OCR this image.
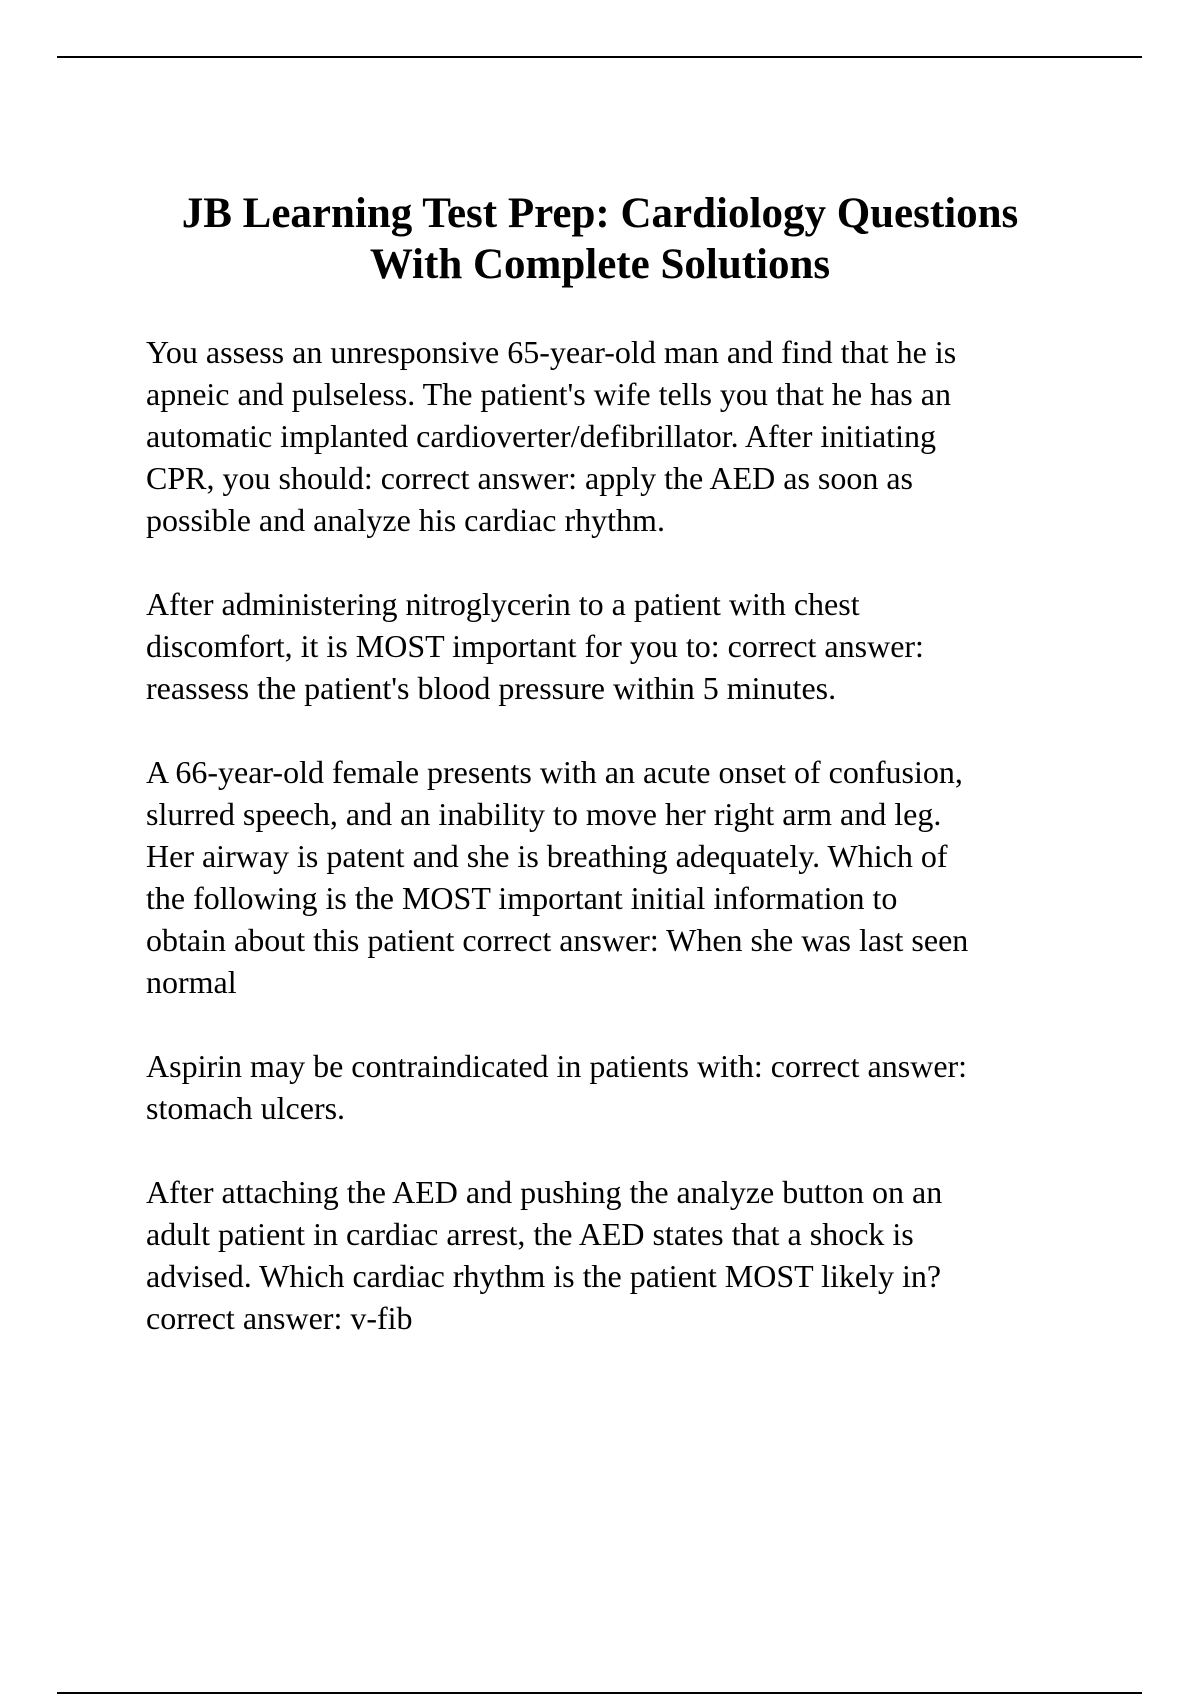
JB Learning Test Prep: Cardiology Questions
With Complete Solutions

You assess an unresponsive 65-year-old man and find that he is
apneic and pulseless. The patient's wife tells you that he has an
automatic implanted cardioverter/defibrillator. After initiating
CPR, you should: correct answer: apply the AED as soon as
possible and analyze his cardiac rhythm.

After administering nitroglycerin to a patient with chest
discomfort, it is MOST important for you to: correct answer:
reassess the patient's blood pressure within 5 minutes.

A 66-year-old female presents with an acute onset of confusion,
slurred speech, and an inability to move her right arm and leg.
Her airway is patent and she is breathing adequately. Which of
the following is the MOST important initial information to
obtain about this patient correct answer: When she was last seen
normal

Aspirin may be contraindicated in patients with: correct answer:
stomach ulcers.

After attaching the AED and pushing the analyze button on an
adult patient in cardiac arrest, the AED states that a shock is
advised. Which cardiac rhythm is the patient MOST likely in?
correct answer: v-fib
